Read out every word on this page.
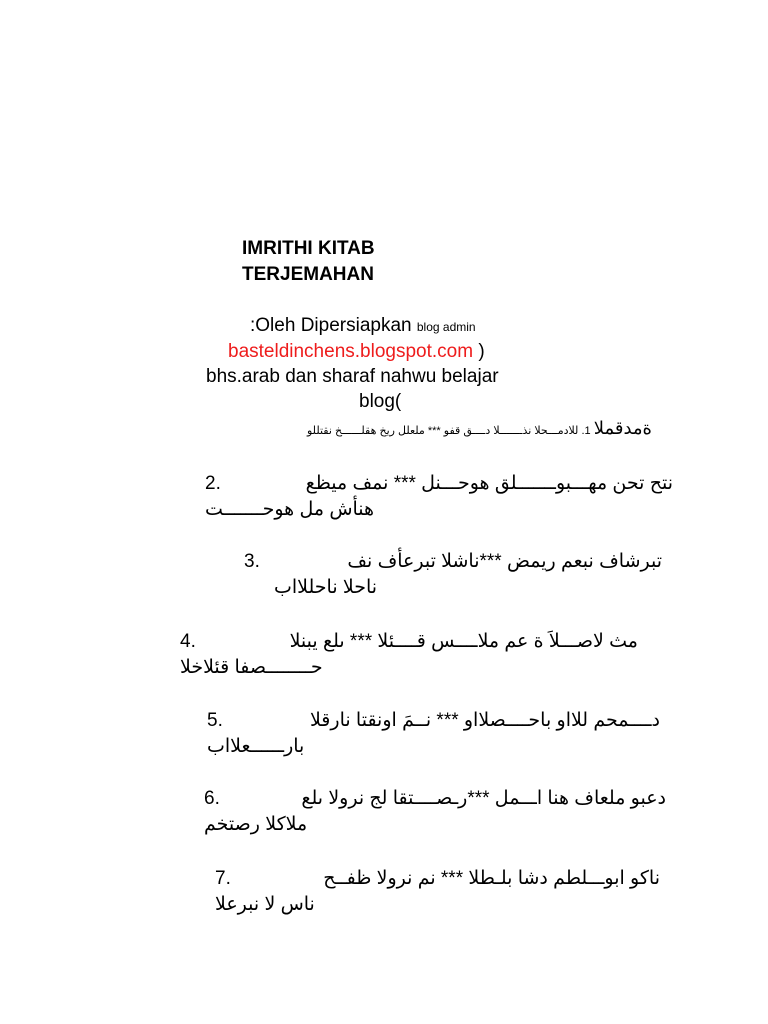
IMRITHI KITAB
TERJEMAHAN
:Oleh Dipersiapkan blog admin
basteldinchens.blogspot.com )
bhs.arab dan sharaf nahwu belajar
blog(
ةمدقملا 1. للادمـــحلا نذـــــــلا دــــق قفو *** ملعلل ريخ هقلــــــخ نقتللو
2.	نتح تحن مهـــبوـــــــلق هوحـــنل *** نمف ميظع
هنأش مل هوحـــــــت
3.	تبرشاف نبعم ريمض ***ناشلا تبرعأف نف
ناحلا ناحللااب
4.	مث لاصـــلاَ ة عم ملاــــس قــــئلا *** ىلع يبنلا
حــــــــصفا قئلاخلا
5.	دــــمحم للااو باحــــصلااو *** نــمَ اونقتا نارقلا
بارــــــعلااب
6.	دعبو ملعاف هنا اـــمل ***رـصــــتقا لج نرولا ىلع
ملاكلا رصتخم
7.	ناكو ابوـــلطم دشا بلـطلا *** نم نرولا ظفــح
ناس لا نبرعلا
